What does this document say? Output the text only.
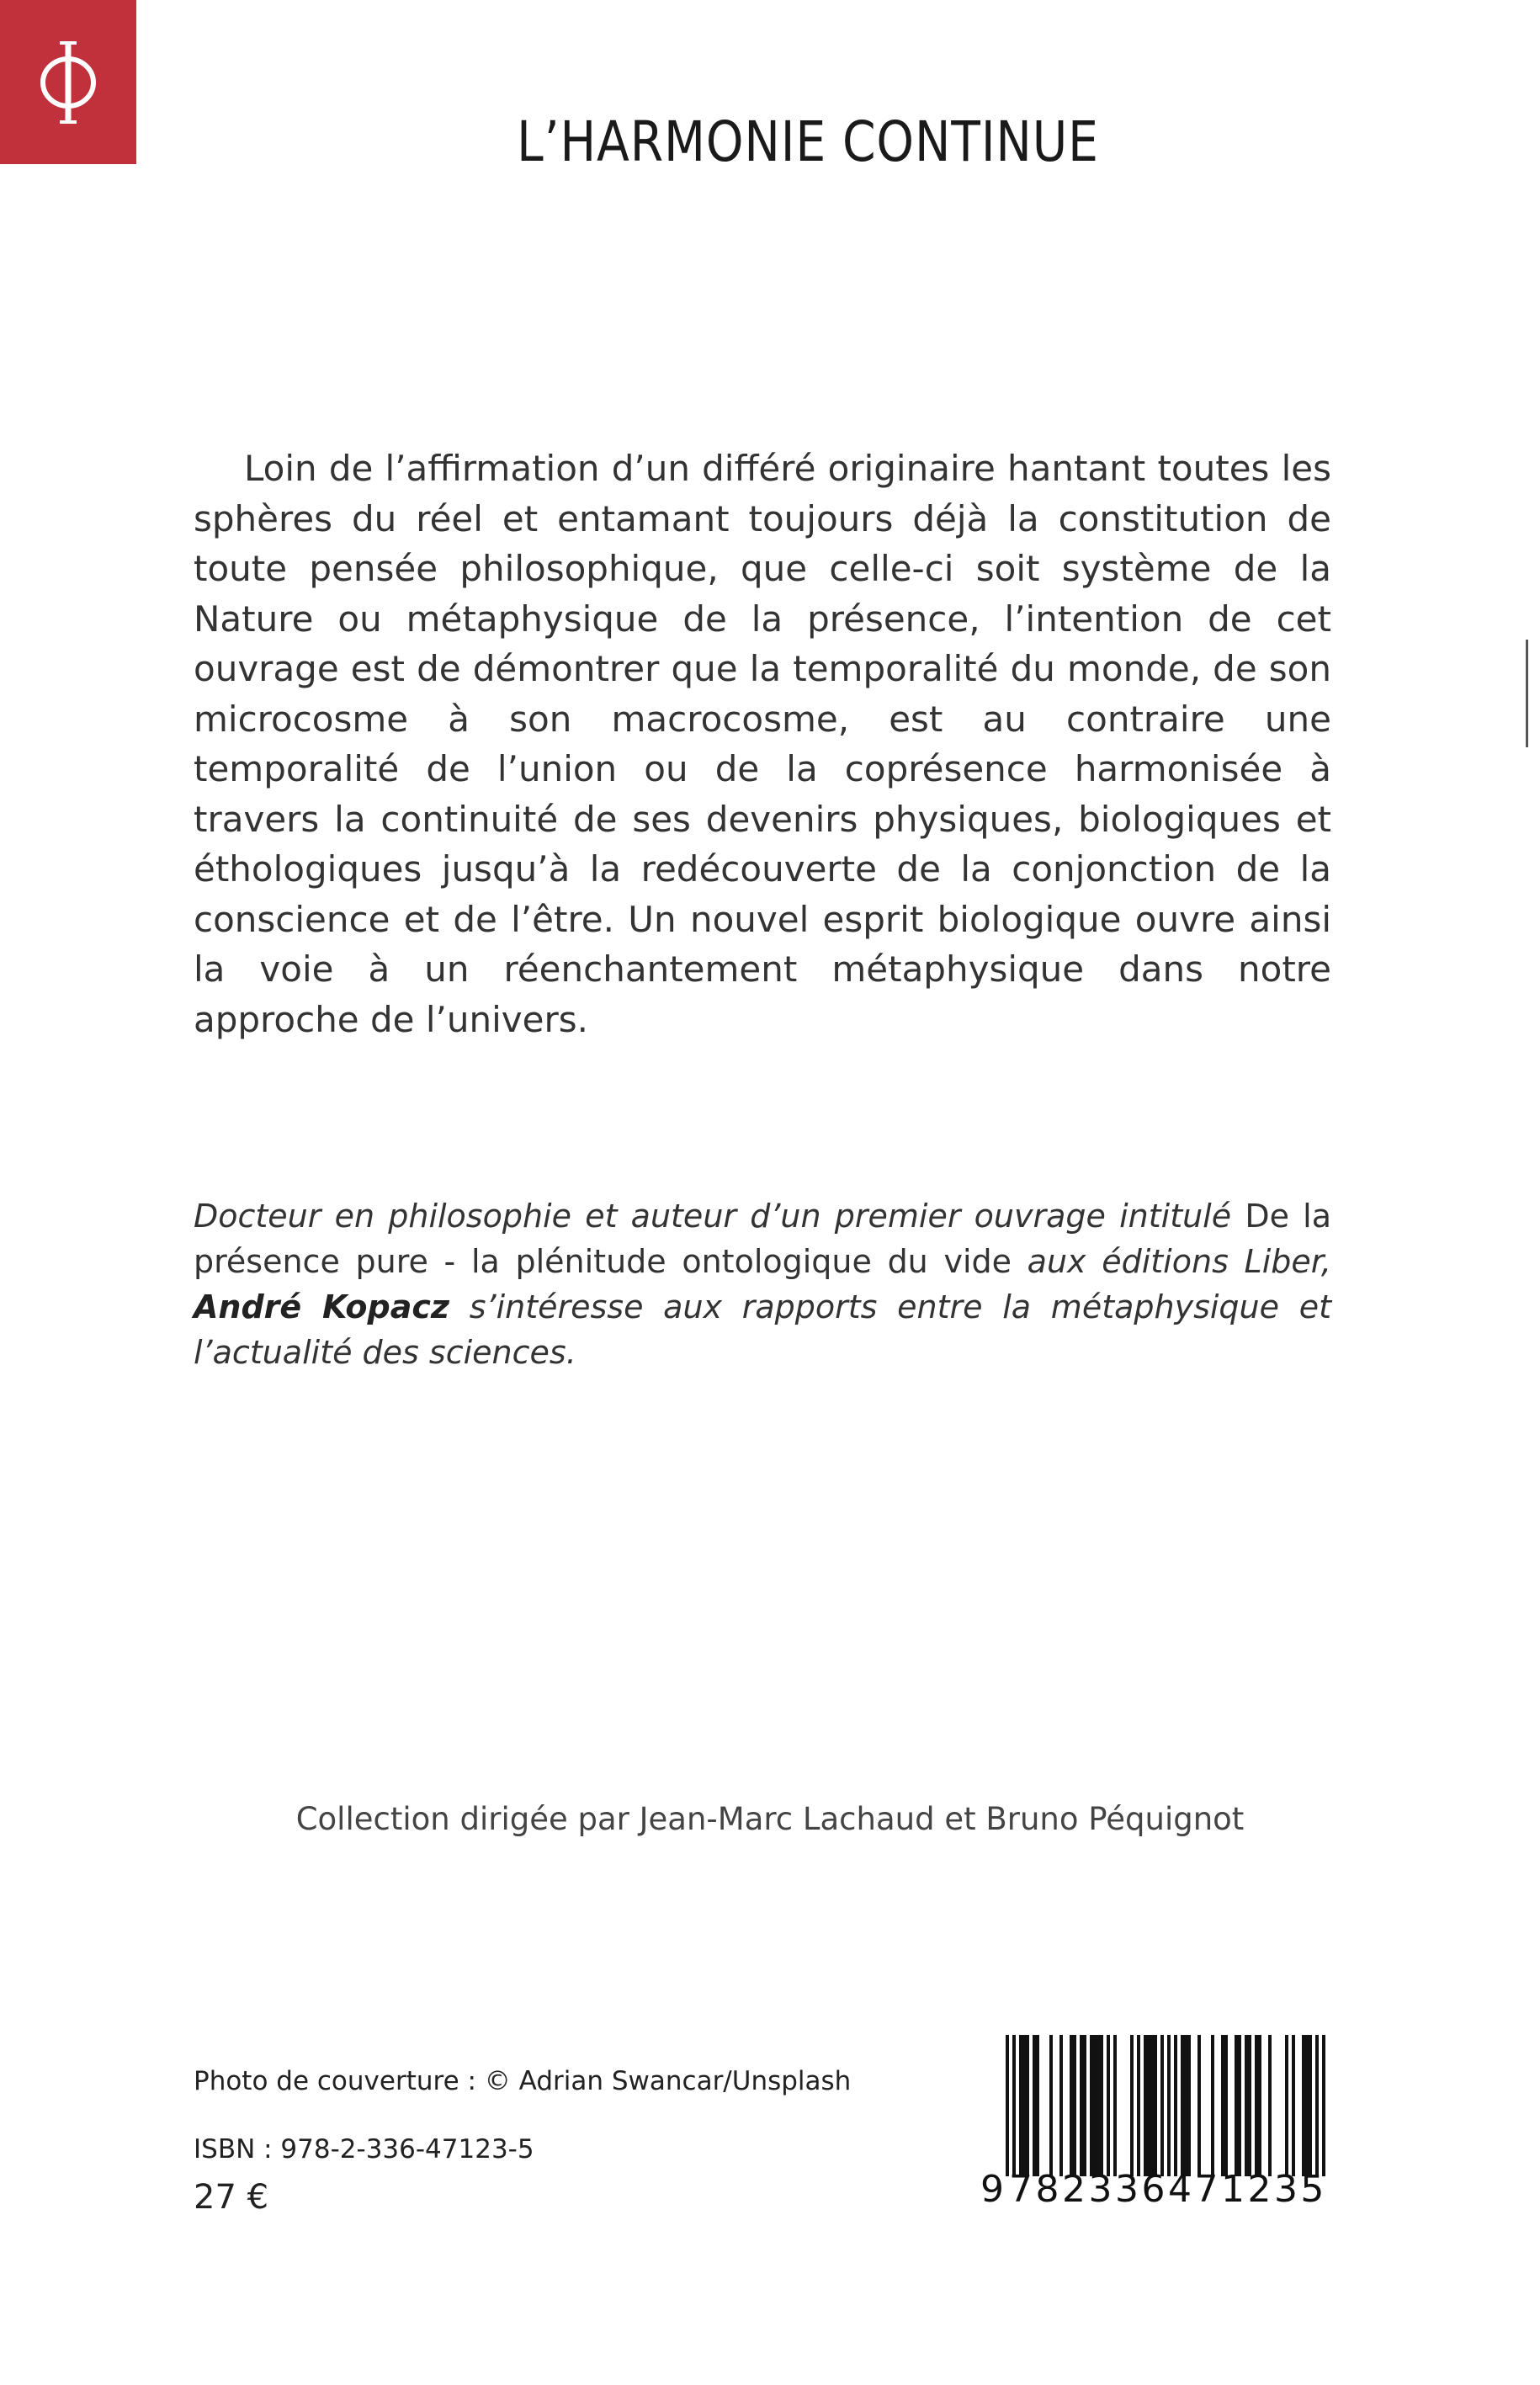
L’HARMONIE CONTINUE

Loin de l’affirmation d’un différé originaire hantant toutes les sphères du réel et entamant toujours déjà la constitution de toute pensée philosophique, que celle-ci soit système de la Nature ou métaphysique de la présence, l’intention de cet ouvrage est de démontrer que la temporalité du monde, de son microcosme à son macrocosme, est au contraire une temporalité de l’union ou de la coprésence harmonisée à travers la continuité de ses devenirs physiques, biologiques et éthologiques jusqu’à la redécouverte de la conjonction de la conscience et de l’être. Un nouvel esprit biologique ouvre ainsi la voie à un réenchantement métaphysique dans notre approche de l’univers.

Docteur en philosophie et auteur d’un premier ouvrage intitulé De la présence pure - la plénitude ontologique du vide aux éditions Liber, André Kopacz s’intéresse aux rapports entre la métaphysique et l’actualité des sciences.

Collection dirigée par Jean-Marc Lachaud et Bruno Péquignot

Photo de couverture : © Adrian Swancar/Unsplash
ISBN : 978-2-336-47123-5
27 €	9 782336471235
